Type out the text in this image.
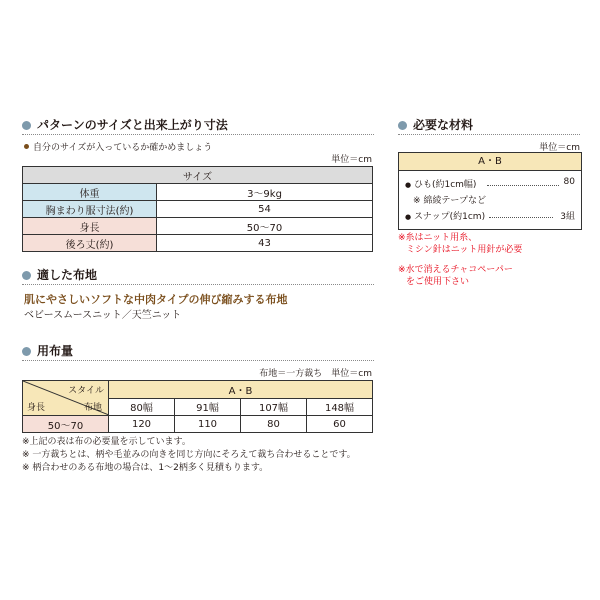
パターンのサイズと出来上がり寸法
自分のサイズが入っているか確かめましょう
単位＝cm
サイズ	
体重	3〜9kg
胸まわり服寸法(約)	54
身長	50〜70
後ろ丈(約)	43
必要な材料
単位＝cm
A・B
● ひも(約1cm幅)	80
※ 綿綾テープなど
● スナップ(約1cm)	3組
※糸はニット用糸、
ミシン針はニット用針が必要
※水で消えるチャコペーパー
をご使用下さい
適した布地
肌にやさしいソフトな中肉タイプの伸び縮みする布地
ベビースムースニット／天竺ニット
用布量
布地＝一方裁ち　単位＝cm
スタイル
布地
身長	A・B			
	80幅	91幅	107幅	148幅
50〜70	120	110	80	60
※上記の表は布の必要量を示しています。
※ 一方裁ちとは、柄や毛並みの向きを同じ方向にそろえて裁ち合わせることです。
※ 柄合わせのある布地の場合は、1〜2柄多く見積もります。
